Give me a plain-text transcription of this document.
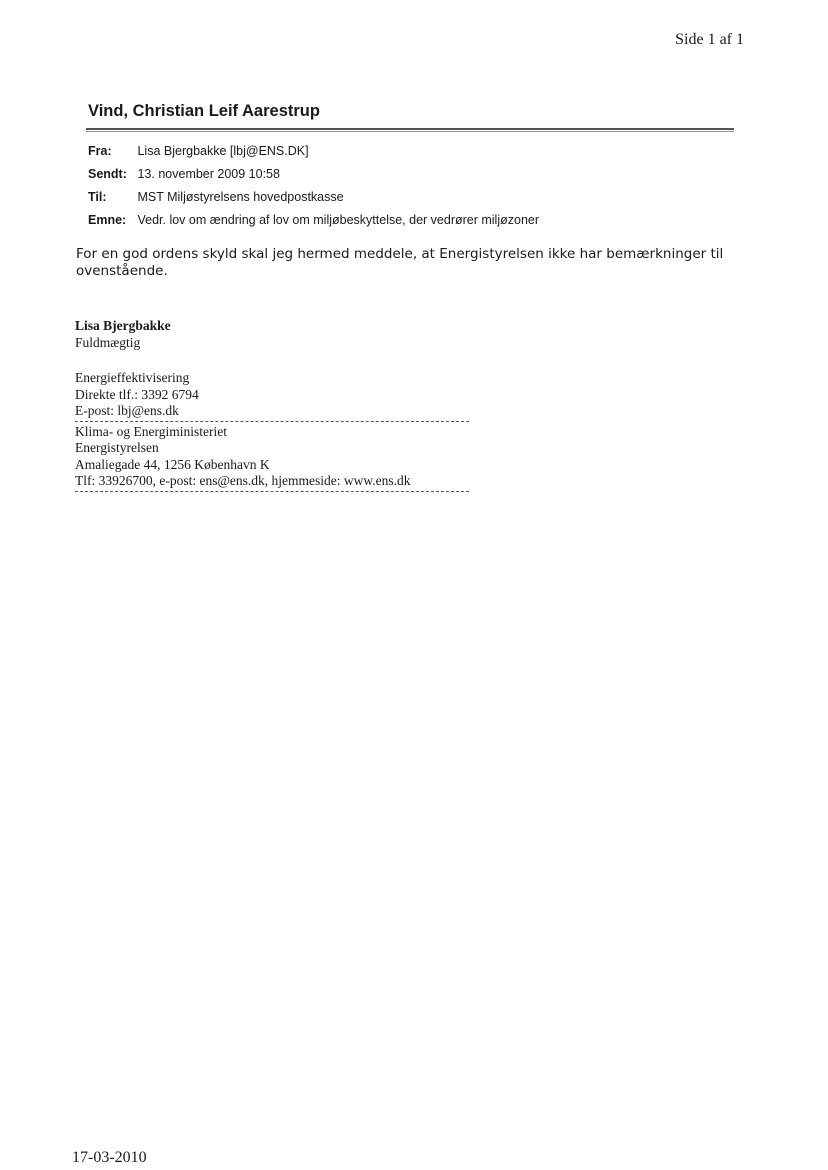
Side 1 af 1
Vind, Christian Leif Aarestrup
Fra: Lisa Bjergbakke [lbj@ENS.DK]
Sendt: 13. november 2009 10:58
Til: MST Miljøstyrelsens hovedpostkasse
Emne: Vedr. lov om ændring af lov om miljøbeskyttelse, der vedrører miljøzoner
For en god ordens skyld skal jeg hermed meddele, at Energistyrelsen ikke har bemærkninger til ovenstående.
Lisa Bjergbakke
Fuldmægtig
Energieffektivisering
Direkte tlf.: 3392 6794
E-post: lbj@ens.dk
Klima- og Energiministeriet
Energistyrelsen
Amaliegade 44, 1256 København K
Tlf: 33926700, e-post: ens@ens.dk, hjemmeside: www.ens.dk
17-03-2010
